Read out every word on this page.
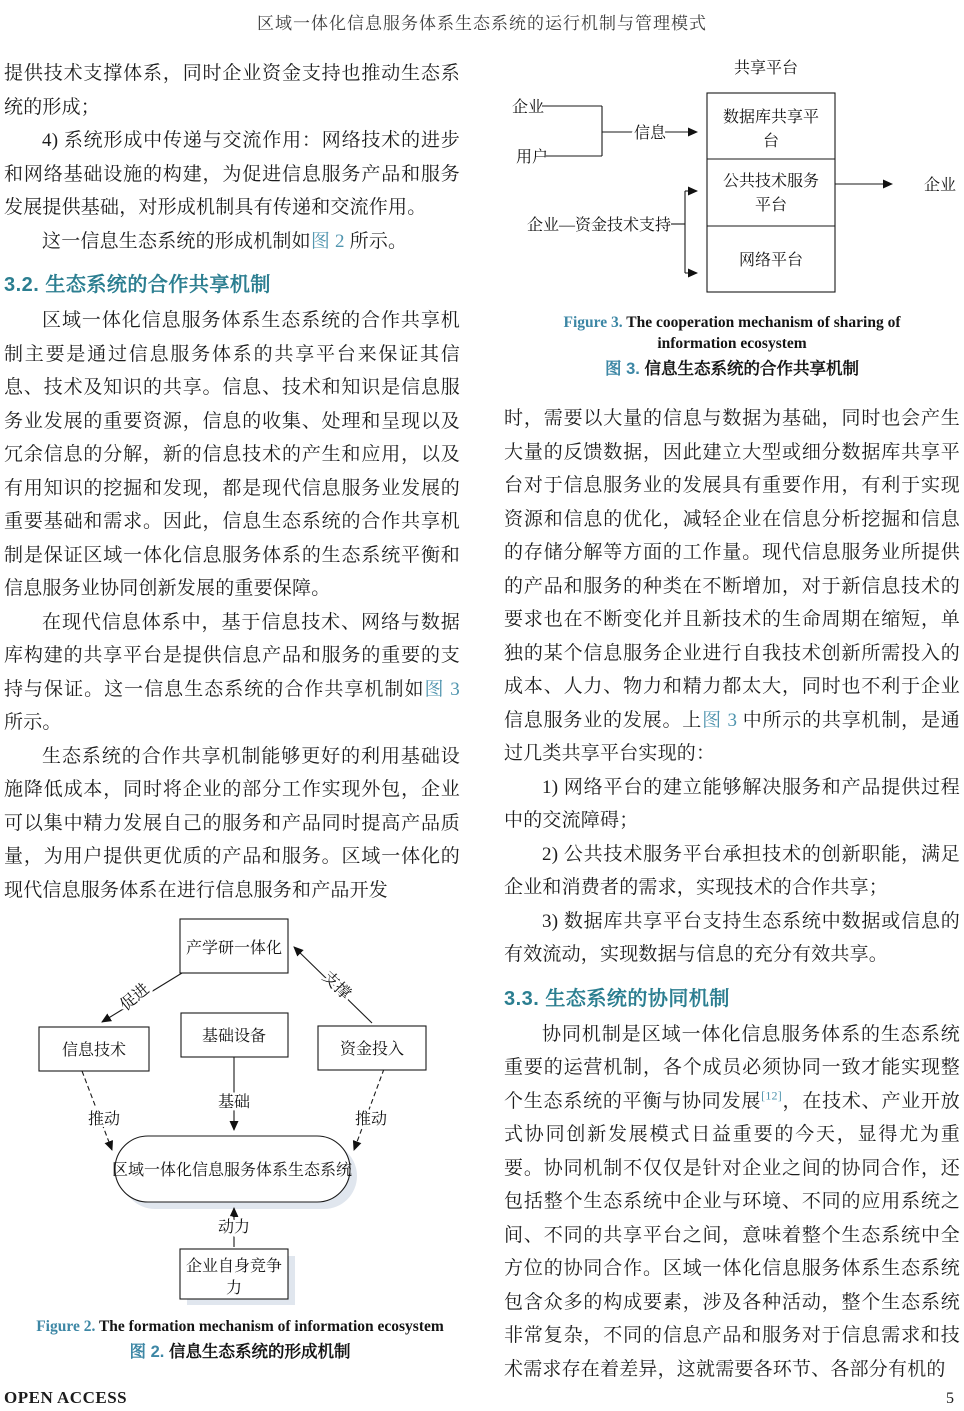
区域一体化信息服务体系生态系统的运行机制与管理模式

提供技术支撑体系，同时企业资金支持也推动生态系统的形成；

4) 系统形成中传递与交流作用：网络技术的进步和网络基础设施的构建，为促进信息服务产品和服务发展提供基础，对形成机制具有传递和交流作用。

这一信息生态系统的形成机制如图 2 所示。

3.2. 生态系统的合作共享机制

区域一体化信息服务体系生态系统的合作共享机制主要是通过信息服务体系的共享平台来保证其信息、技术及知识的共享。信息、技术和知识是信息服务业发展的重要资源，信息的收集、处理和呈现以及冗余信息的分解，新的信息技术的产生和应用，以及有用知识的挖掘和发现，都是现代信息服务业发展的重要基础和需求。因此，信息生态系统的合作共享机制是保证区域一体化信息服务体系的生态系统平衡和信息服务业协同创新发展的重要保障。

在现代信息体系中，基于信息技术、网络与数据库构建的共享平台是提供信息产品和服务的重要的支持与保证。这一信息生态系统的合作共享机制如图 3 所示。

生态系统的合作共享机制能够更好的利用基础设施降低成本，同时将企业的部分工作实现外包，企业可以集中精力发展自己的服务和产品同时提高产品质量，为用户提供更优质的产品和服务。区域一体化的现代信息服务体系在进行信息服务和产品开发

产学研一体化
信息技术
基础设备
资金投入
区域一体化信息服务体系生态系统
企业自身竞争
力
促进	支撑
基础
推动	推动
动力
Figure 2. The formation mechanism of information ecosystem
图 2. 信息生态系统的形成机制
共享平台
数据库共享平
台
公共技术服务
平台
网络平台
企业
用户
信息
企业
企业—资金技术支持
Figure 3. The cooperation mechanism of sharing of information ecosystem
图 3. 信息生态系统的合作共享机制

时，需要以大量的信息与数据为基础，同时也会产生大量的反馈数据，因此建立大型或细分数据库共享平台对于信息服务业的发展具有重要作用，有利于实现资源和信息的优化，减轻企业在信息分析挖掘和信息的存储分解等方面的工作量。现代信息服务业所提供的产品和服务的种类在不断增加，对于新信息技术的要求也在不断变化并且新技术的生命周期在缩短，单独的某个信息服务企业进行自我技术创新所需投入的成本、人力、物力和精力都太大，同时也不利于企业信息服务业的发展。上图 3 中所示的共享机制，是通过几类共享平台实现的：

1) 网络平台的建立能够解决服务和产品提供过程中的交流障碍；

2) 公共技术服务平台承担技术的创新职能，满足企业和消费者的需求，实现技术的合作共享；

3) 数据库共享平台支持生态系统中数据或信息的有效流动，实现数据与信息的充分有效共享。

3.3. 生态系统的协同机制

协同机制是区域一体化信息服务体系的生态系统重要的运营机制，各个成员必须协同一致才能实现整个生态系统的平衡与协同发展[12]，在技术、产业开放式协同创新发展模式日益重要的今天，显得尤为重要。协同机制不仅仅是针对企业之间的协同合作，还包括整个生态系统中企业与环境、不同的应用系统之间、不同的共享平台之间，意味着整个生态系统中全方位的协同合作。区域一体化信息服务体系生态系统包含众多的构成要素，涉及各种活动，整个生态系统非常复杂，不同的信息产品和服务对于信息需求和技术需求存在着差异，这就需要各环节、各部分有机的

OPEN ACCESS	5
